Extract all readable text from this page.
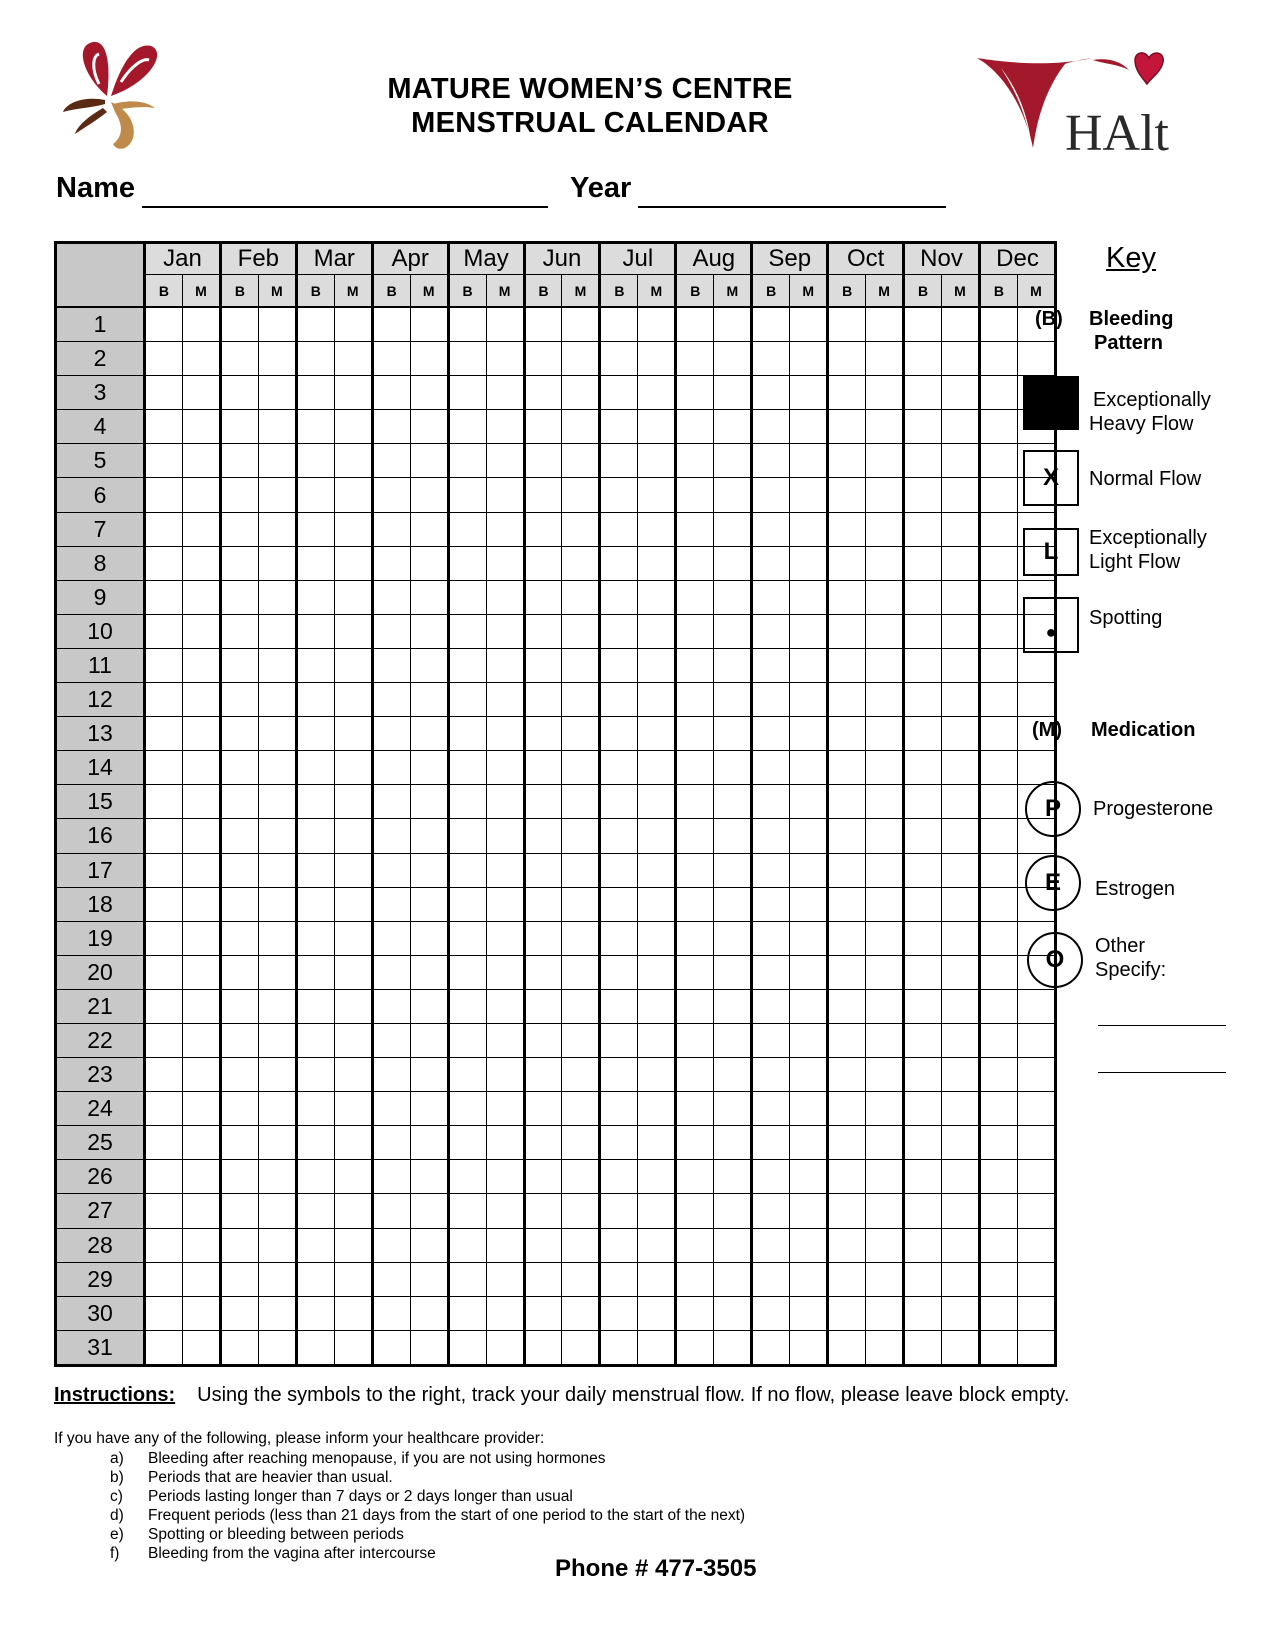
MATURE WOMEN’S CENTRE
MENSTRUAL CALENDAR	HAlt
Name	Year
	Jan		Feb		Mar		Apr		May		Jun		Jul		Aug		Sep		Oct		Nov		Dec	
	B	M	B	M	B	M	B	M	B	M	B	M	B	M	B	M	B	M	B	M	B	M	B	M
1																								
2																								
3																								
4																								
5																								
6																								
7																								
8																								
9																								
10																								
11																								
12																								
13																								
14																								
15																								
16																								
17																								
18																								
19																								
20																								
21																								
22																								
23																								
24																								
25																								
26																								
27																								
28																								
29																								
30																								
31																								
Key
(B) Bleeding
Pattern
Exceptionally
Heavy Flow
X	Normal Flow
L	Exceptionally
Light Flow
●
Spotting
(M) Medication
P	Progesterone
E	Estrogen
O	Other
Specify:
Instructions: Using the symbols to the right, track your daily menstrual flow. If no flow, please leave block empty.
If you have any of the following, please inform your healthcare provider:
a) Bleeding after reaching menopause, if you are not using hormones
b) Periods that are heavier than usual.
c) Periods lasting longer than 7 days or 2 days longer than usual
d) Frequent periods (less than 21 days from the start of one period to the start of the next)
e) Spotting or bleeding between periods
f) Bleeding from the vagina after intercourse
Phone # 477-3505
